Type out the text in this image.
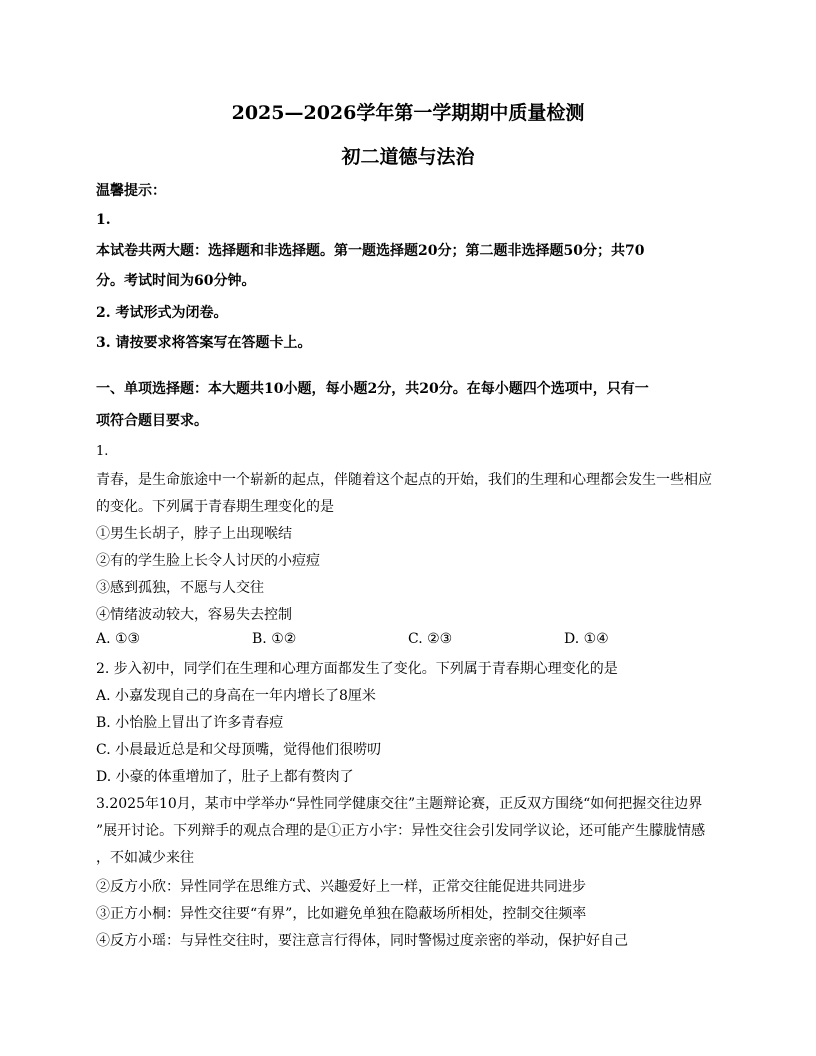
2025—2026学年第一学期期中质量检测
初二道德与法治
温馨提示：
1.
本试卷共两大题：选择题和非选择题。第一题选择题20分；第二题非选择题50分；共70
分。考试时间为60分钟。
2. 考试形式为闭卷。
3. 请按要求将答案写在答题卡上。
一、单项选择题：本大题共10小题，每小题2分，共20分。在每小题四个选项中，只有一
项符合题目要求。
1.
青春，是生命旅途中一个崭新的起点，伴随着这个起点的开始，我们的生理和心理都会发生一些相应
的变化。下列属于青春期生理变化的是
①男生长胡子，脖子上出现喉结
②有的学生脸上长令人讨厌的小痘痘
③感到孤独，不愿与人交往
④情绪波动较大，容易失去控制
A. ①③	B. ①②	C. ②③	D. ①④
2. 步入初中，同学们在生理和心理方面都发生了变化。下列属于青春期心理变化的是
A. 小嘉发现自己的身高在一年内增长了8厘米
B. 小怡脸上冒出了许多青春痘
C. 小晨最近总是和父母顶嘴，觉得他们很唠叨
D. 小豪的体重增加了，肚子上都有赘肉了
3.2025年10月，某市中学举办“异性同学健康交往”主题辩论赛，正反双方围绕“如何把握交往边界
”展开讨论。下列辩手的观点合理的是①正方小宇：异性交往会引发同学议论，还可能产生朦胧情感
，不如减少来往
②反方小欣：异性同学在思维方式、兴趣爱好上一样，正常交往能促进共同进步
③正方小桐：异性交往要“有界”，比如避免单独在隐蔽场所相处，控制交往频率
④反方小瑶：与异性交往时，要注意言行得体，同时警惕过度亲密的举动，保护好自己
